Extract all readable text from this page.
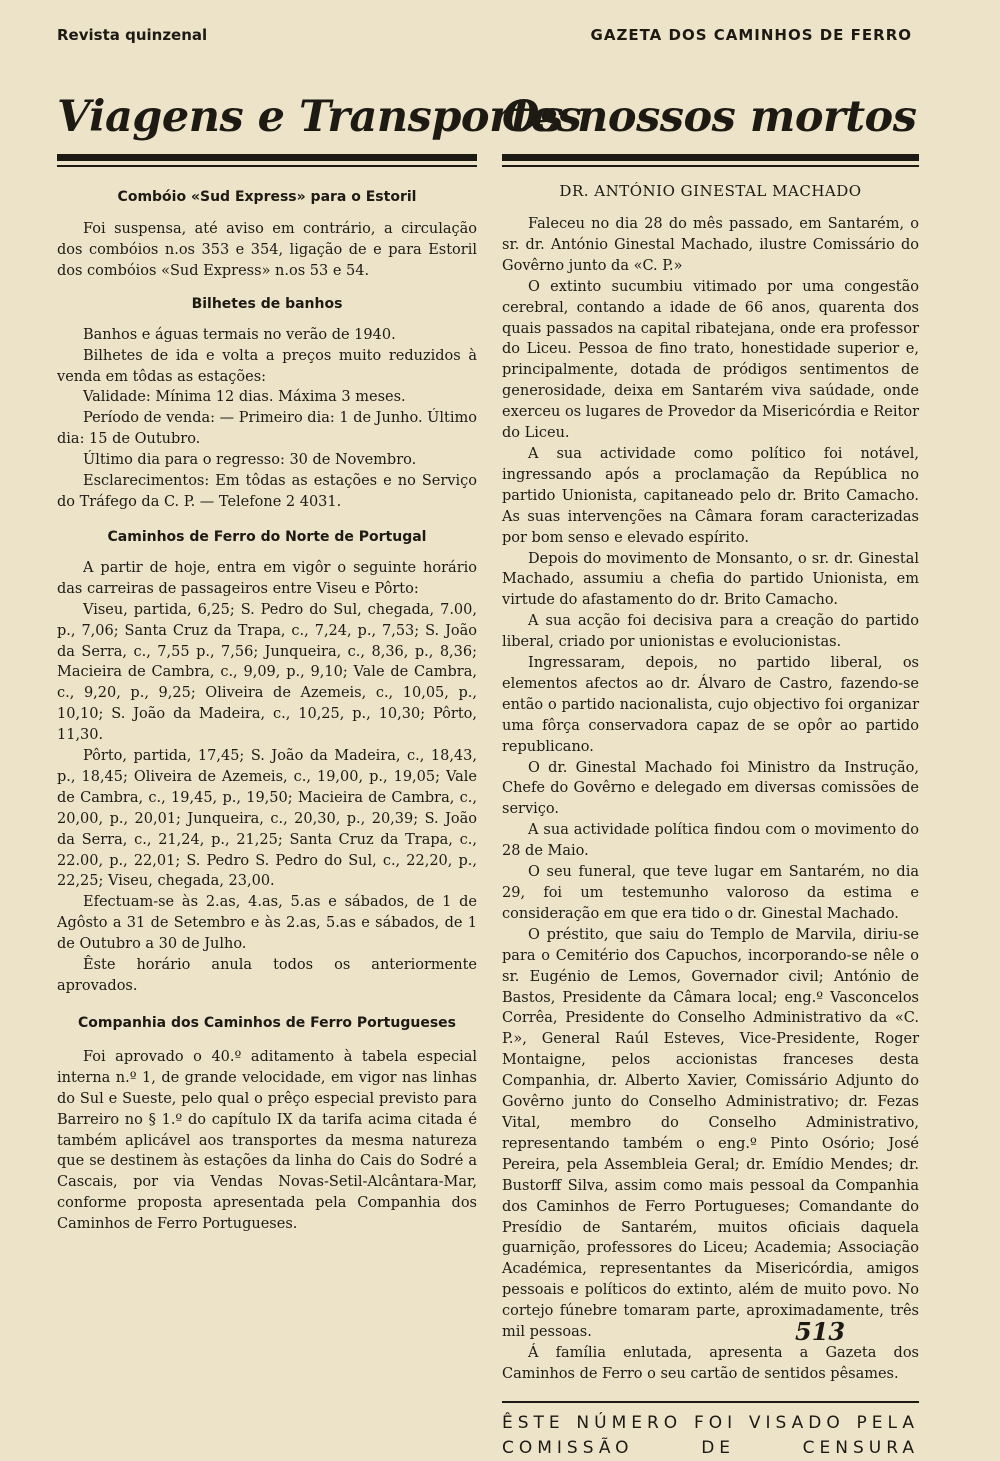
Revista quinzenal	GAZETA DOS CAMINHOS DE FERRO
Viagens e Transportes

Combóio «Sud Express» para o Estoril

Foi suspensa, até aviso em contrário, a circulação dos combóios n.os 353 e 354, ligação de e para Estoril dos combóios «Sud Express» n.os 53 e 54.

Bilhetes de banhos

Banhos e águas termais no verão de 1940.

Bilhetes de ida e volta a preços muito reduzidos à venda em tôdas as estações:

Validade: Mínima 12 dias. Máxima 3 meses.

Período de venda: — Primeiro dia: 1 de Junho. Último dia: 15 de Outubro.

Último dia para o regresso: 30 de Novembro.

Esclarecimentos: Em tôdas as estações e no Serviço do Tráfego da C. P. — Telefone 2 4031.

Caminhos de Ferro do Norte de Portugal

A partir de hoje, entra em vigôr o seguinte horário das carreiras de passageiros entre Viseu e Pôrto:

Viseu, partida, 6,25; S. Pedro do Sul, chegada, 7.00, p., 7,06; Santa Cruz da Trapa, c., 7,24, p., 7,53; S. João da Serra, c., 7,55 p., 7,56; Junqueira, c., 8,36, p., 8,36; Macieira de Cambra, c., 9,09, p., 9,10; Vale de Cambra, c., 9,20, p., 9,25; Oliveira de Azemeis, c., 10,05, p., 10,10; S. João da Madeira, c., 10,25, p., 10,30; Pôrto, 11,30.

Pôrto, partida, 17,45; S. João da Madeira, c., 18,43, p., 18,45; Oliveira de Azemeis, c., 19,00, p., 19,05; Vale de Cambra, c., 19,45, p., 19,50; Macieira de Cambra, c., 20,00, p., 20,01; Junqueira, c., 20,30, p., 20,39; S. João da Serra, c., 21,24, p., 21,25; Santa Cruz da Trapa, c., 22.00, p., 22,01; S. Pedro S. Pedro do Sul, c., 22,20, p., 22,25; Viseu, chegada, 23,00.

Efectuam-se às 2.as, 4.as, 5.as e sábados, de 1 de Agôsto a 31 de Setembro e às 2.as, 5.as e sábados, de 1 de Outubro a 30 de Julho.

Êste horário anula todos os anteriormente aprovados.

Companhia dos Caminhos de Ferro Portugueses

Foi aprovado o 40.º aditamento à tabela especial interna n.º 1, de grande velocidade, em vigor nas linhas do Sul e Sueste, pelo qual o prêço especial previsto para Barreiro no § 1.º do capítulo IX da tarifa acima citada é também aplicável aos transportes da mesma natureza que se destinem às estações da linha do Cais do Sodré a Cascais, por via Vendas Novas-Setil-Alcântara-Mar, conforme proposta apresentada pela Companhia dos Caminhos de Ferro Portugueses.

Os nossos mortos
DR. ANTÓNIO GINESTAL MACHADO

Faleceu no dia 28 do mês passado, em Santarém, o sr. dr. António Ginestal Machado, ilustre Comissário do Govêrno junto da «C. P.»

O extinto sucumbiu vitimado por uma congestão cerebral, contando a idade de 66 anos, quarenta dos quais passados na capital ribatejana, onde era professor do Liceu. Pessoa de fino trato, honestidade superior e, principalmente, dotada de pródigos sentimentos de generosidade, deixa em Santarém viva saúdade, onde exerceu os lugares de Provedor da Misericórdia e Reitor do Liceu.

A sua actividade como político foi notável, ingressando após a proclamação da República no partido Unionista, capitaneado pelo dr. Brito Camacho. As suas intervenções na Câmara foram caracterizadas por bom senso e elevado espírito.

Depois do movimento de Monsanto, o sr. dr. Ginestal Machado, assumiu a chefia do partido Unionista, em virtude do afastamento do dr. Brito Camacho.

A sua acção foi decisiva para a creação do partido liberal, criado por unionistas e evolucionistas.

Ingressaram, depois, no partido liberal, os elementos afectos ao dr. Álvaro de Castro, fazendo-se então o partido nacionalista, cujo objectivo foi organizar uma fôrça conservadora capaz de se opôr ao partido republicano.

O dr. Ginestal Machado foi Ministro da Instrução, Chefe do Govêrno e delegado em diversas comissões de serviço.

A sua actividade política findou com o movimento do 28 de Maio.

O seu funeral, que teve lugar em Santarém, no dia 29, foi um testemunho valoroso da estima e consideração em que era tido o dr. Ginestal Machado.

O préstito, que saiu do Templo de Marvila, diriu-se para o Cemitério dos Capuchos, incorporando-se nêle o sr. Eugénio de Lemos, Governador civil; António de Bastos, Presidente da Câmara local; eng.º Vasconcelos Corrêa, Presidente do Conselho Administrativo da «C. P.», General Raúl Esteves, Vice-Presidente, Roger Montaigne, pelos accionistas franceses desta Companhia, dr. Alberto Xavier, Comissário Adjunto do Govêrno junto do Conselho Administrativo; dr. Fezas Vital, membro do Conselho Administrativo, representando também o eng.º Pinto Osório; José Pereira, pela Assembleia Geral; dr. Emídio Mendes; dr. Bustorff Silva, assim como mais pessoal da Companhia dos Caminhos de Ferro Portugueses; Comandante do Presídio de Santarém, muitos oficiais daquela guarnição, professores do Liceu; Academia; Associação Académica, representantes da Misericórdia, amigos pessoais e políticos do extinto, além de muito povo. No cortejo fúnebre tomaram parte, aproximadamente, três mil pessoas.

Á família enlutada, apresenta a Gazeta dos Caminhos de Ferro o seu cartão de sentidos pêsames.

ÊSTE NÚMERO FOI VISADO PELA COMISSÃO DE CENSURA
513
